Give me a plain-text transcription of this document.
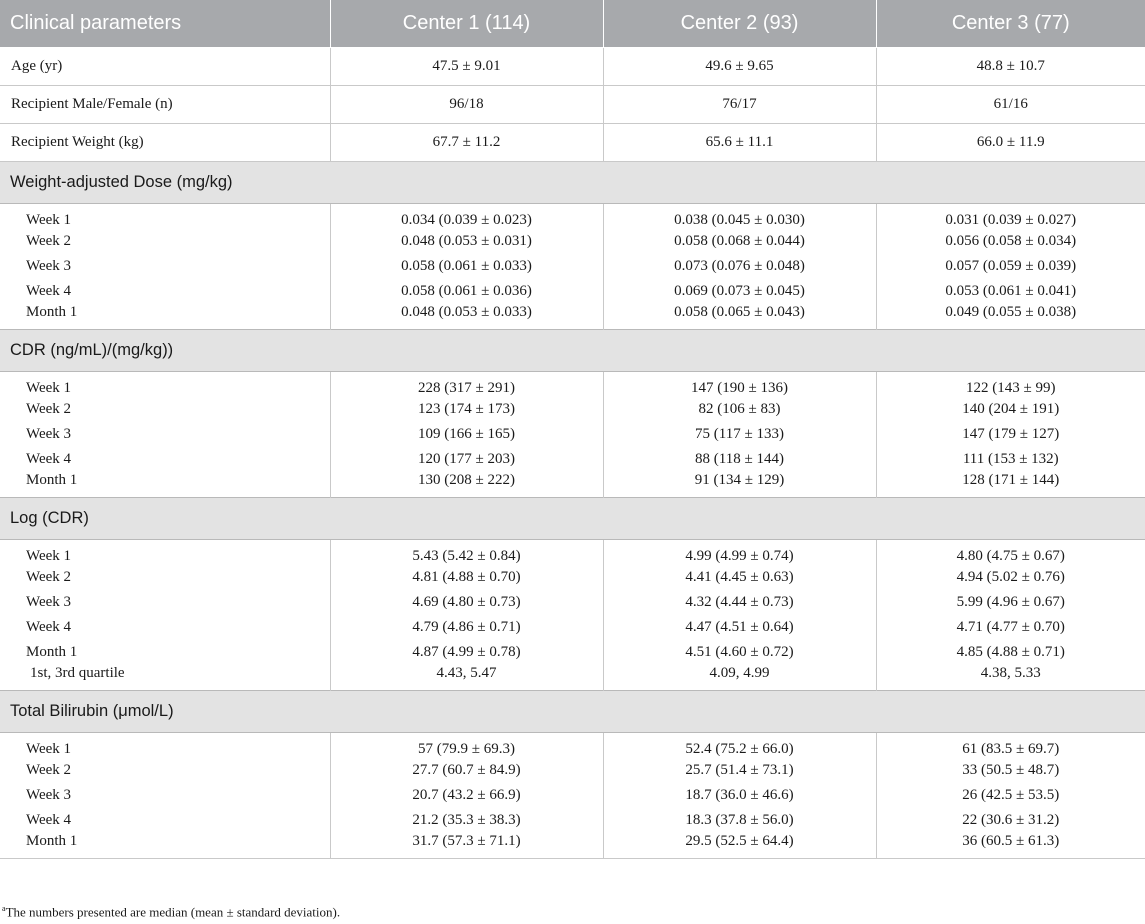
Clinical parameters	Center 1 (114)	Center 2 (93)	Center 3 (77)
Age (yr)	47.5 ± 9.01	49.6 ± 9.65	48.8 ± 10.7
Recipient Male/Female (n)	96/18	76/17	61/16
Recipient Weight (kg)	67.7 ± 11.2	65.6 ± 11.1	66.0 ± 11.9
Weight-adjusted Dose (mg/kg)			
Week 1	0.034 (0.039 ± 0.023)	0.038 (0.045 ± 0.030)	0.031 (0.039 ± 0.027)
Week 2	0.048 (0.053 ± 0.031)	0.058 (0.068 ± 0.044)	0.056 (0.058 ± 0.034)
Week 3	0.058 (0.061 ± 0.033)	0.073 (0.076 ± 0.048)	0.057 (0.059 ± 0.039)
Week 4	0.058 (0.061 ± 0.036)	0.069 (0.073 ± 0.045)	0.053 (0.061 ± 0.041)
Month 1	0.048 (0.053 ± 0.033)	0.058 (0.065 ± 0.043)	0.049 (0.055 ± 0.038)
CDR (ng/mL)/(mg/kg))			
Week 1	228 (317 ± 291)	147 (190 ± 136)	122 (143 ± 99)
Week 2	123 (174 ± 173)	82 (106 ± 83)	140 (204 ± 191)
Week 3	109 (166 ± 165)	75 (117 ± 133)	147 (179 ± 127)
Week 4	120 (177 ± 203)	88 (118 ± 144)	111 (153 ± 132)
Month 1	130 (208 ± 222)	91 (134 ± 129)	128 (171 ± 144)
Log (CDR)			
Week 1	5.43 (5.42 ± 0.84)	4.99 (4.99 ± 0.74)	4.80 (4.75 ± 0.67)
Week 2	4.81 (4.88 ± 0.70)	4.41 (4.45 ± 0.63)	4.94 (5.02 ± 0.76)
Week 3	4.69 (4.80 ± 0.73)	4.32 (4.44 ± 0.73)	5.99 (4.96 ± 0.67)
Week 4	4.79 (4.86 ± 0.71)	4.47 (4.51 ± 0.64)	4.71 (4.77 ± 0.70)
Month 1	4.87 (4.99 ± 0.78)	4.51 (4.60 ± 0.72)	4.85 (4.88 ± 0.71)
1st, 3rd quartile	4.43, 5.47	4.09, 4.99	4.38, 5.33
Total Bilirubin (μmol/L)			
Week 1	57 (79.9 ± 69.3)	52.4 (75.2 ± 66.0)	61 (83.5 ± 69.7)
Week 2	27.7 (60.7 ± 84.9)	25.7 (51.4 ± 73.1)	33 (50.5 ± 48.7)
Week 3	20.7 (43.2 ± 66.9)	18.7 (36.0 ± 46.6)	26 (42.5 ± 53.5)
Week 4	21.2 (35.3 ± 38.3)	18.3 (37.8 ± 56.0)	22 (30.6 ± 31.2)
Month 1	31.7 (57.3 ± 71.1)	29.5 (52.5 ± 64.4)	36 (60.5 ± 61.3)
$^a$The numbers presented are median (mean ± standard deviation).
